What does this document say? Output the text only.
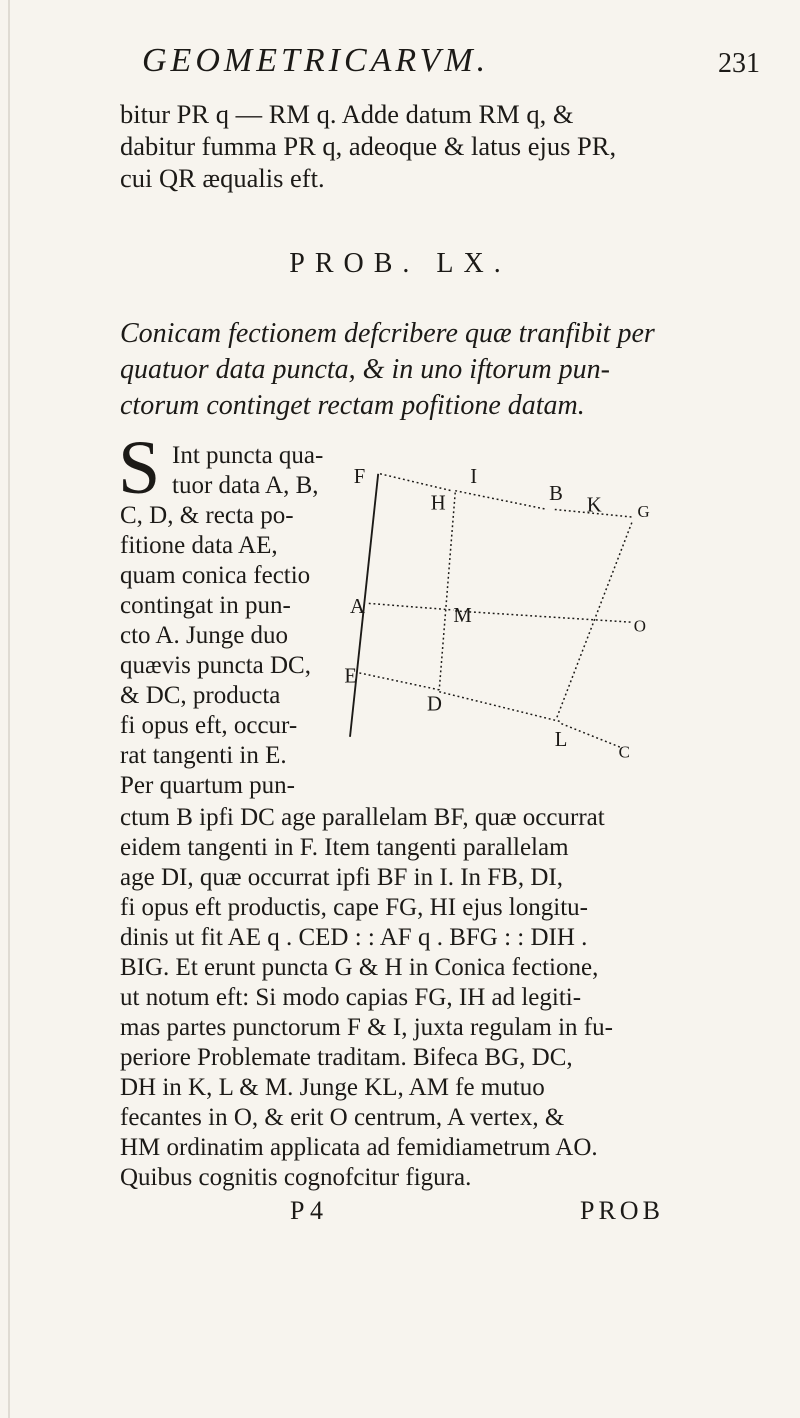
GEOMETRICARVM.	231
bitur PR q — RM q. Adde datum RM q, &
dabitur fumma PR q, adeoque & latus ejus PR,
cui QR æqualis eft.
PROB. LX.
Conicam fectionem defcribere quæ tranfibit per
quatuor data puncta, & in uno iftorum pun-
ctorum continget rectam pofitione datam.
S Int puncta qua-
tuor data A, B,
C, D, & recta po-
fitione data AE,
quam conica fectio
contingat in pun-
cto A. Junge duo
quævis puncta DC,
& DC, producta
fi opus eft, occur-
rat tangenti in E.
Per quartum pun-
F	I
H	B
K G
A	M	O
E
D
L
C
ctum B ipfi DC age parallelam BF, quæ occurrat
eidem tangenti in F. Item tangenti parallelam
age DI, quæ occurrat ipfi BF in I. In FB, DI,
fi opus eft productis, cape FG, HI ejus longitu-
dinis ut fit AE q . CED : : AF q . BFG : : DIH .
BIG. Et erunt puncta G & H in Conica fectione,
ut notum eft: Si modo capias FG, IH ad legiti-
mas partes punctorum F & I, juxta regulam in fu-
periore Problemate traditam. Bifeca BG, DC,
DH in K, L & M. Junge KL, AM fe mutuo
fecantes in O, & erit O centrum, A vertex, &
HM ordinatim applicata ad femidiametrum AO.
Quibus cognitis cognofcitur figura.
P 4	PROB
